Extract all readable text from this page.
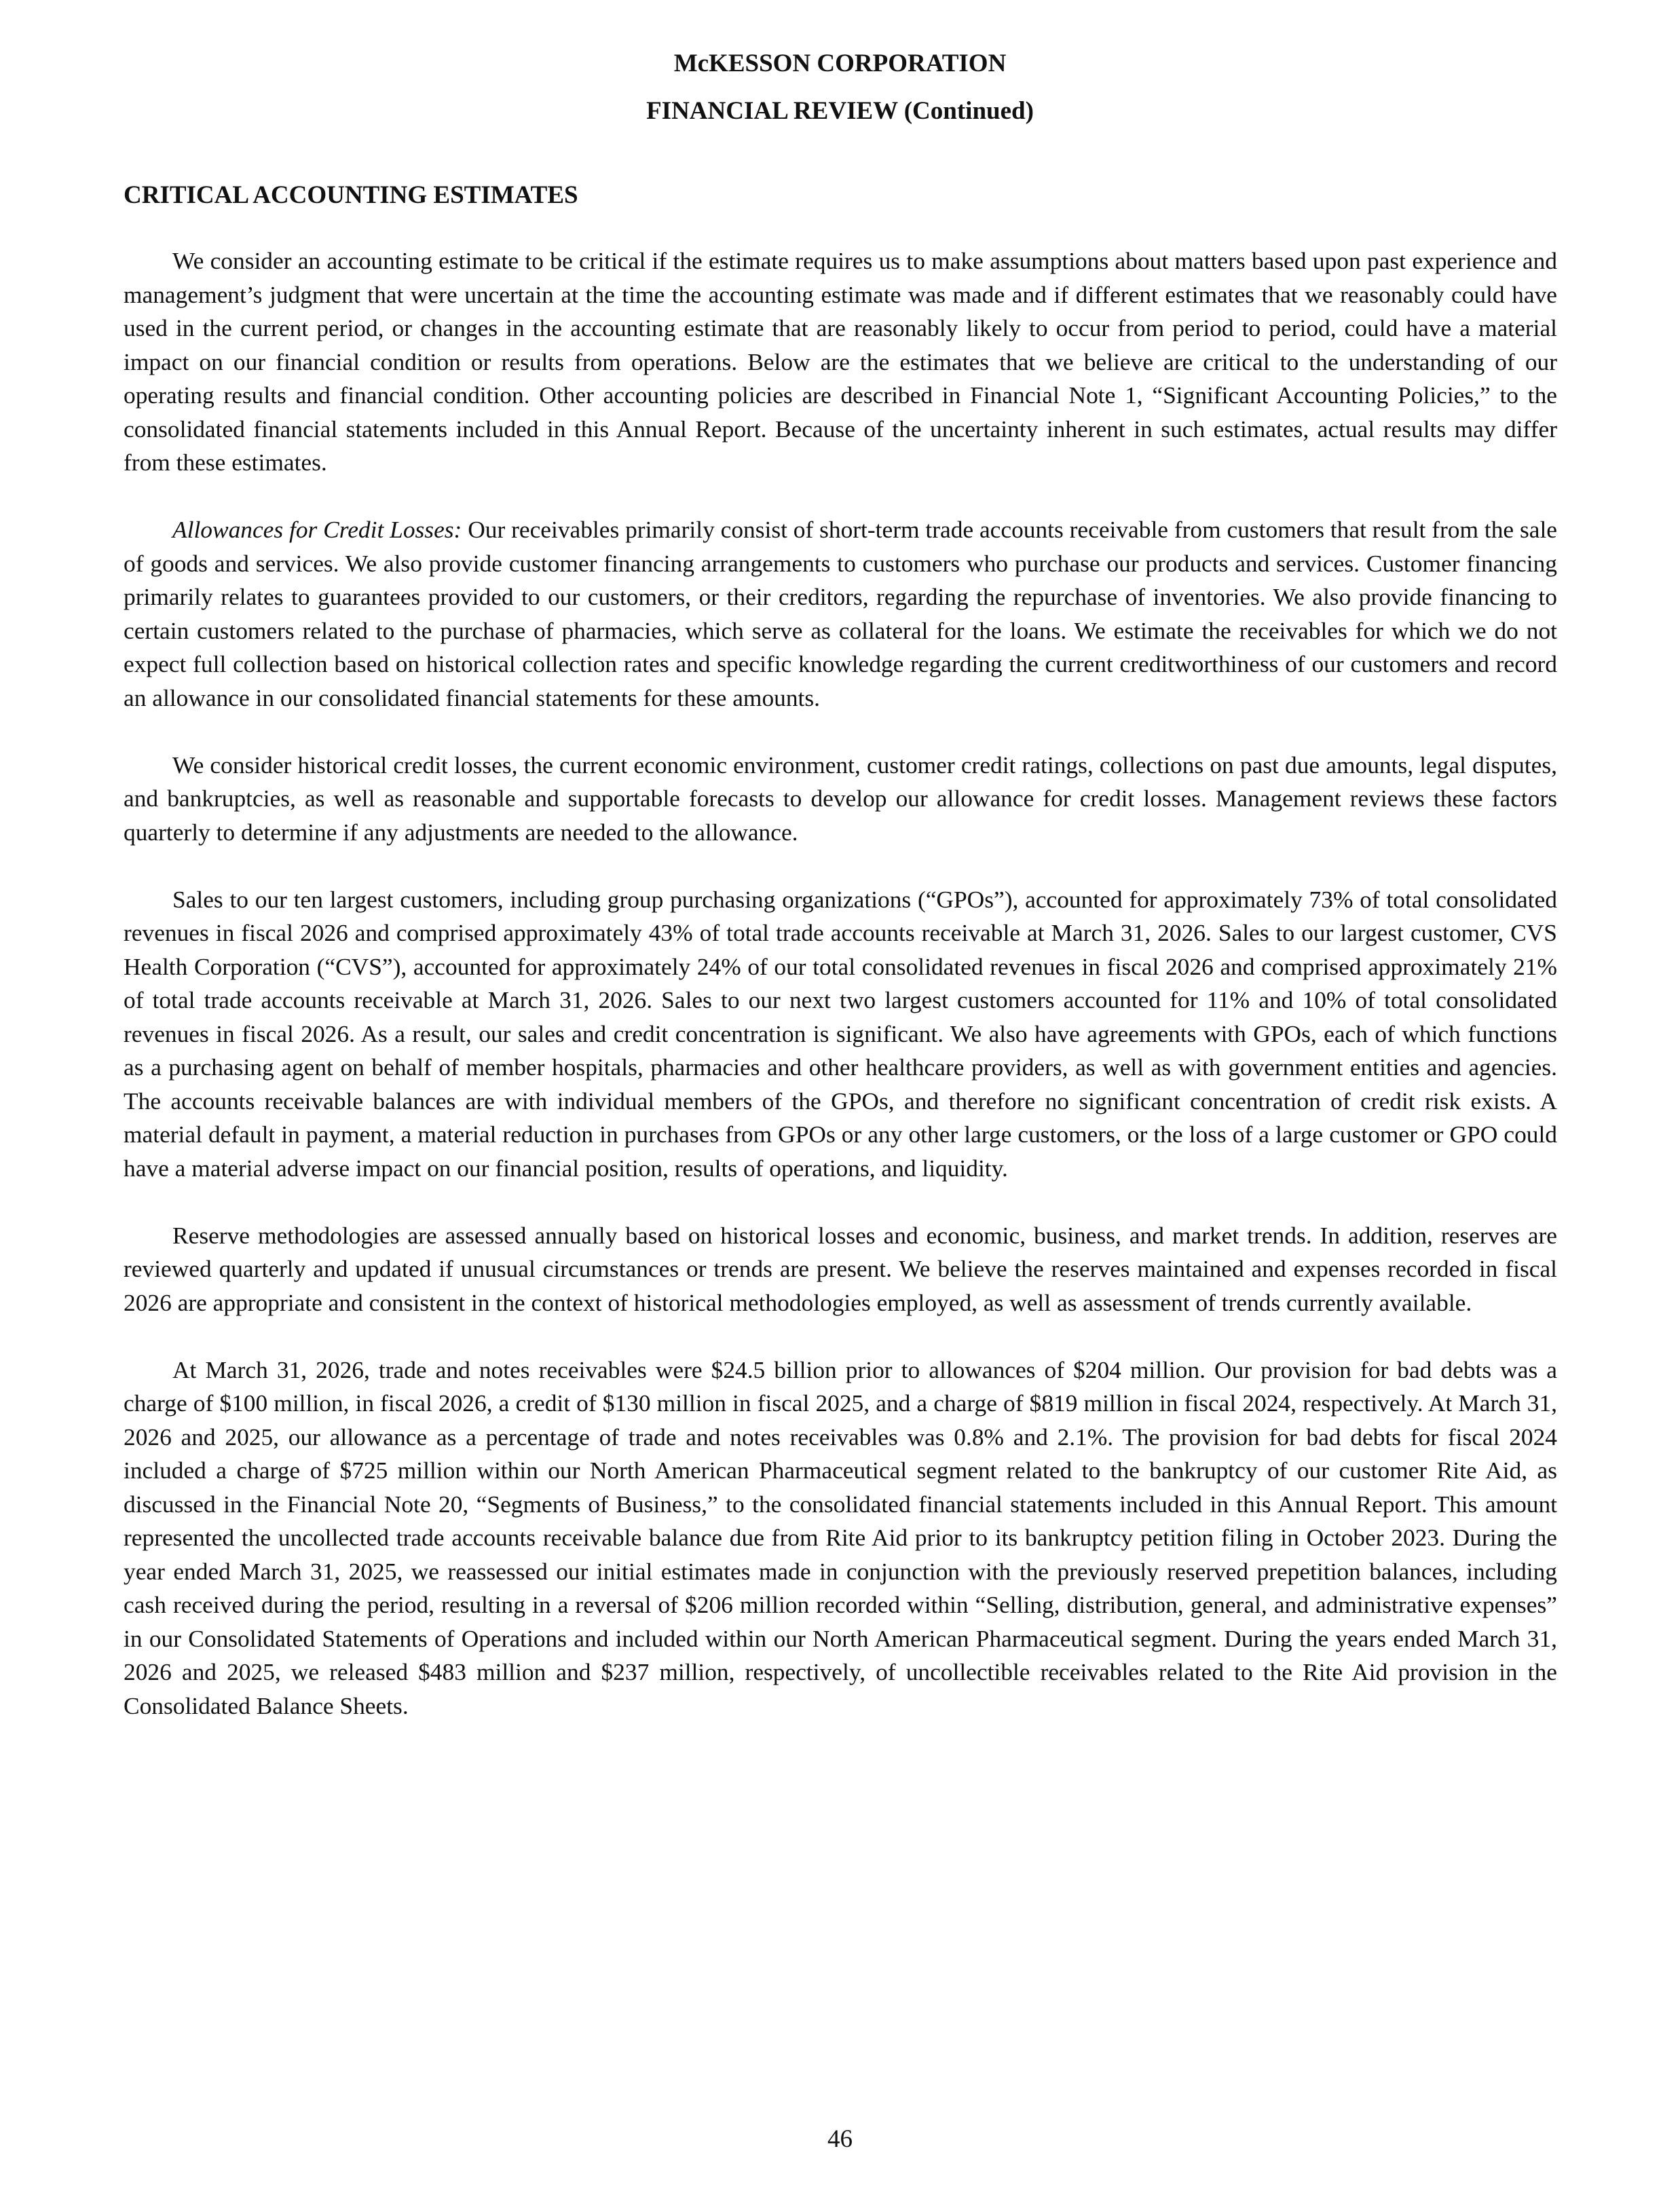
McKESSON CORPORATION
FINANCIAL REVIEW (Continued)
CRITICAL ACCOUNTING ESTIMATES

We consider an accounting estimate to be critical if the estimate requires us to make assumptions about matters based upon past experience and management’s judgment that were uncertain at the time the accounting estimate was made and if different estimates that we reasonably could have used in the current period, or changes in the accounting estimate that are reasonably likely to occur from period to period, could have a material impact on our financial condition or results from operations. Below are the estimates that we believe are critical to the understanding of our operating results and financial condition. Other accounting policies are described in Financial Note 1, “Significant Accounting Policies,” to the consolidated financial statements included in this Annual Report. Because of the uncertainty inherent in such estimates, actual results may differ from these estimates.

Allowances for Credit Losses: Our receivables primarily consist of short-term trade accounts receivable from customers that result from the sale of goods and services. We also provide customer financing arrangements to customers who purchase our products and services. Customer financing primarily relates to guarantees provided to our customers, or their creditors, regarding the repurchase of inventories. We also provide financing to certain customers related to the purchase of pharmacies, which serve as collateral for the loans. We estimate the receivables for which we do not expect full collection based on historical collection rates and specific knowledge regarding the current creditworthiness of our customers and record an allowance in our consolidated financial statements for these amounts.

We consider historical credit losses, the current economic environment, customer credit ratings, collections on past due amounts, legal disputes, and bankruptcies, as well as reasonable and supportable forecasts to develop our allowance for credit losses. Management reviews these factors quarterly to determine if any adjustments are needed to the allowance.

Sales to our ten largest customers, including group purchasing organizations (“GPOs”), accounted for approximately 73% of total consolidated revenues in fiscal 2026 and comprised approximately 43% of total trade accounts receivable at March 31, 2026. Sales to our largest customer, CVS Health Corporation (“CVS”), accounted for approximately 24% of our total consolidated revenues in fiscal 2026 and comprised approximately 21% of total trade accounts receivable at March 31, 2026. Sales to our next two largest customers accounted for 11% and 10% of total consolidated revenues in fiscal 2026. As a result, our sales and credit concentration is significant. We also have agreements with GPOs, each of which functions as a purchasing agent on behalf of member hospitals, pharmacies and other healthcare providers, as well as with government entities and agencies. The accounts receivable balances are with individual members of the GPOs, and therefore no significant concentration of credit risk exists. A material default in payment, a material reduction in purchases from GPOs or any other large customers, or the loss of a large customer or GPO could have a material adverse impact on our financial position, results of operations, and liquidity.

Reserve methodologies are assessed annually based on historical losses and economic, business, and market trends. In addition, reserves are reviewed quarterly and updated if unusual circumstances or trends are present. We believe the reserves maintained and expenses recorded in fiscal 2026 are appropriate and consistent in the context of historical methodologies employed, as well as assessment of trends currently available.

At March 31, 2026, trade and notes receivables were $24.5 billion prior to allowances of $204 million. Our provision for bad debts was a charge of $100 million, in fiscal 2026, a credit of $130 million in fiscal 2025, and a charge of $819 million in fiscal 2024, respectively. At March 31, 2026 and 2025, our allowance as a percentage of trade and notes receivables was 0.8% and 2.1%. The provision for bad debts for fiscal 2024 included a charge of $725 million within our North American Pharmaceutical segment related to the bankruptcy of our customer Rite Aid, as discussed in the Financial Note 20, “Segments of Business,” to the consolidated financial statements included in this Annual Report. This amount represented the uncollected trade accounts receivable balance due from Rite Aid prior to its bankruptcy petition filing in October 2023. During the year ended March 31, 2025, we reassessed our initial estimates made in conjunction with the previously reserved prepetition balances, including cash received during the period, resulting in a reversal of $206 million recorded within “Selling, distribution, general, and administrative expenses” in our Consolidated Statements of Operations and included within our North American Pharmaceutical segment. During the years ended March 31, 2026 and 2025, we released $483 million and $237 million, respectively, of uncollectible receivables related to the Rite Aid provision in the Consolidated Balance Sheets.

46
